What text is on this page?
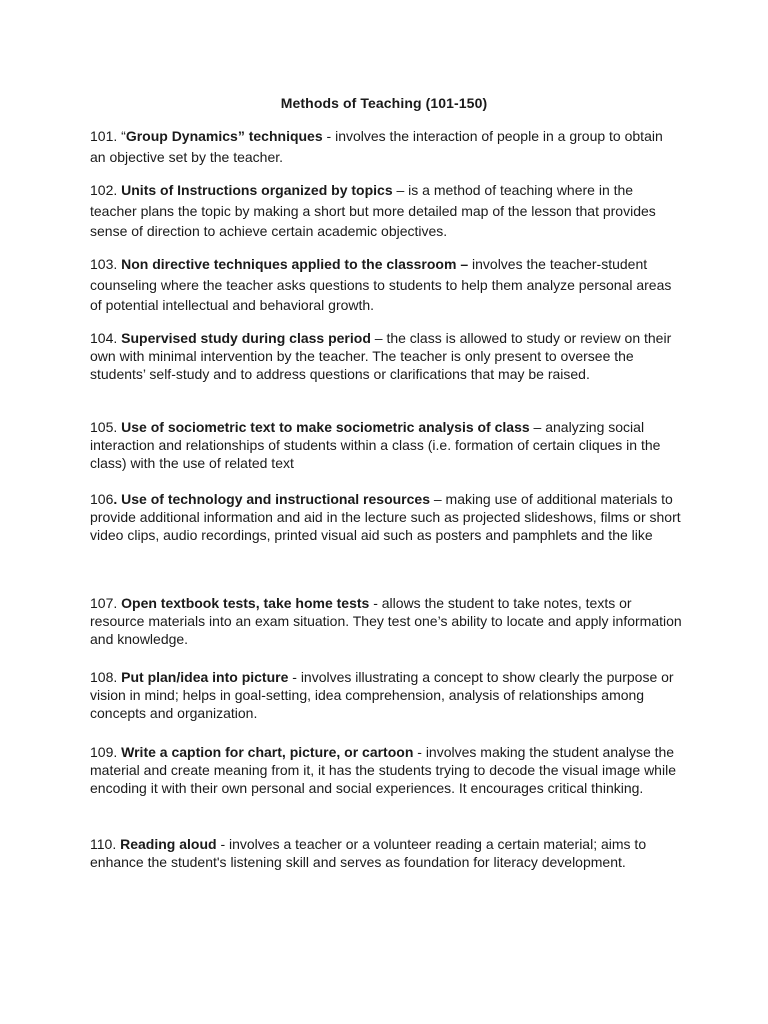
Methods of Teaching (101-150)

101. “Group Dynamics” techniques - involves the interaction of people in a group to obtain an objective set by the teacher.

102. Units of Instructions organized by topics – is a method of teaching where in the teacher plans the topic by making a short but more detailed map of the lesson that provides sense of direction to achieve certain academic objectives.

103. Non directive techniques applied to the classroom – involves the teacher-student counseling where the teacher asks questions to students to help them analyze personal areas of potential intellectual and behavioral growth.

104. Supervised study during class period – the class is allowed to study or review on their own with minimal intervention by the teacher. The teacher is only present to oversee the students’ self-study and to address questions or clarifications that may be raised.

105. Use of sociometric text to make sociometric analysis of class – analyzing social interaction and relationships of students within a class (i.e. formation of certain cliques in the class) with the use of related text

106. Use of technology and instructional resources – making use of additional materials to provide additional information and aid in the lecture such as projected slideshows, films or short video clips, audio recordings, printed visual aid such as posters and pamphlets and the like

107. Open textbook tests, take home tests - allows the student to take notes, texts or resource materials into an exam situation. They test one’s ability to locate and apply information and knowledge.

108. Put plan/idea into picture - involves illustrating a concept to show clearly the purpose or vision in mind; helps in goal-setting, idea comprehension, analysis of relationships among concepts and organization.

109. Write a caption for chart, picture, or cartoon - involves making the student analyse the material and create meaning from it, it has the students trying to decode the visual image while encoding it with their own personal and social experiences. It encourages critical thinking.

110. Reading aloud - involves a teacher or a volunteer reading a certain material; aims to enhance the student's listening skill and serves as foundation for literacy development.
